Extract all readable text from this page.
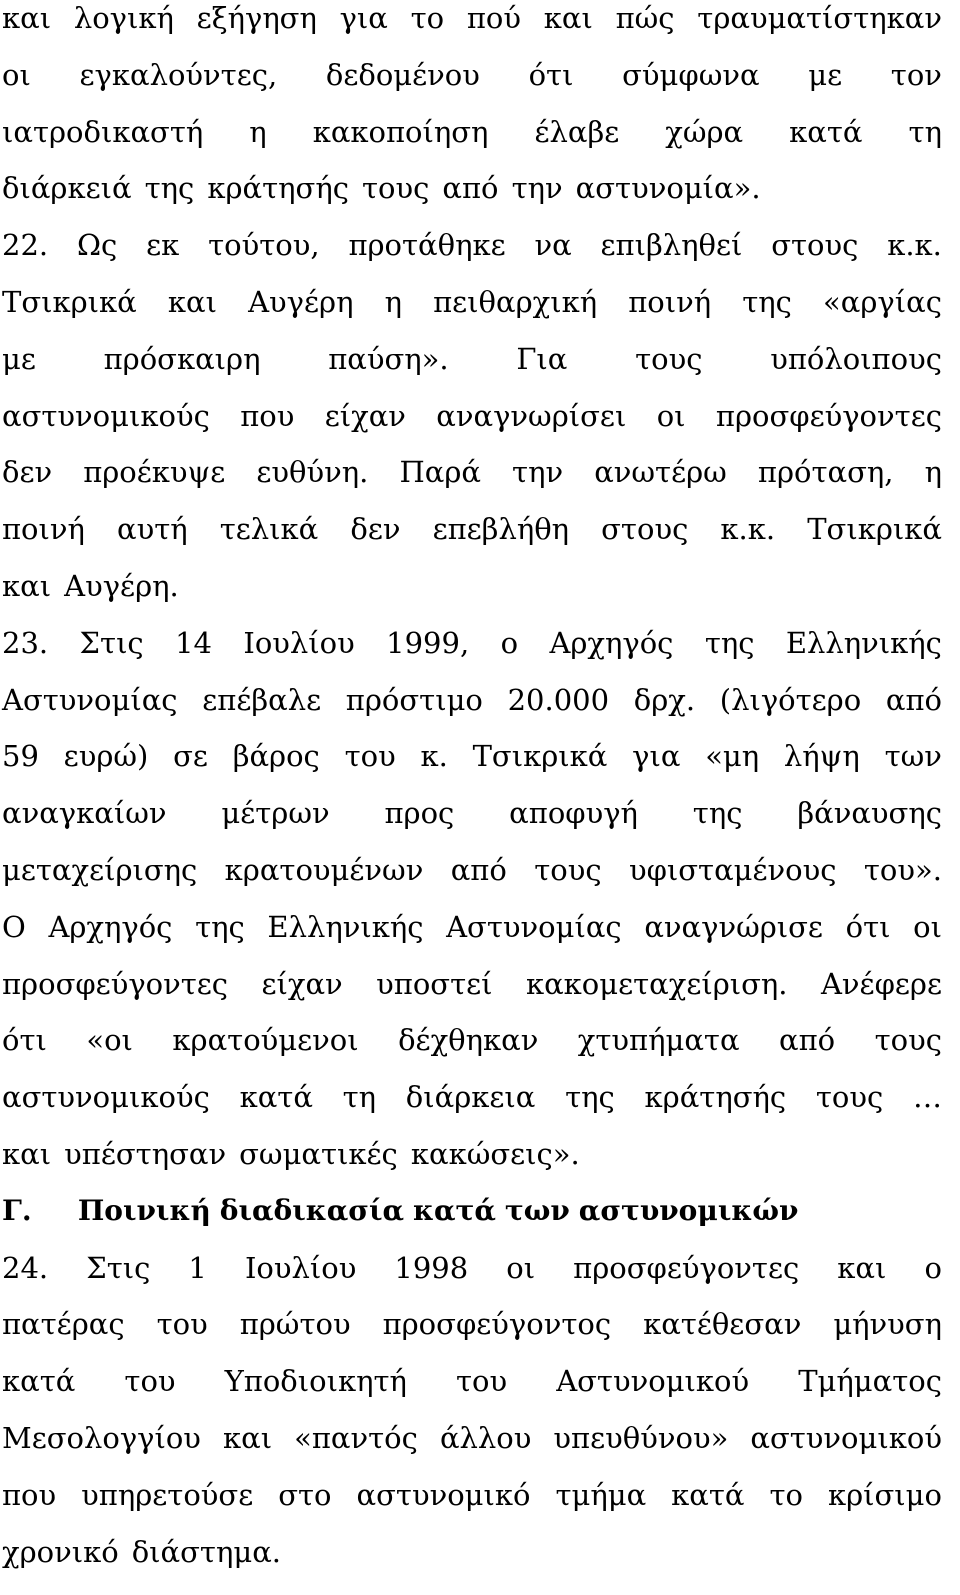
και λογική εξήγηση για το πού και πώς τραυματίστηκαν
οι εγκαλούντες, δεδομένου ότι σύμφωνα με τον
ιατροδικαστή η κακοποίηση έλαβε χώρα κατά τη
διάρκειά της κράτησής τους από την αστυνομία».
22. Ως εκ τούτου, προτάθηκε να επιβληθεί στους κ.κ.
Τσικρικά και Αυγέρη η πειθαρχική ποινή της «αργίας
με πρόσκαιρη παύση». Για τους υπόλοιπους
αστυνομικούς που είχαν αναγνωρίσει οι προσφεύγοντες
δεν προέκυψε ευθύνη. Παρά την ανωτέρω πρόταση, η
ποινή αυτή τελικά δεν επεβλήθη στους κ.κ. Τσικρικά
και Αυγέρη.
23. Στις 14 Ιουλίου 1999, ο Αρχηγός της Ελληνικής
Αστυνομίας επέβαλε πρόστιμο 20.000 δρχ. (λιγότερο από
59 ευρώ) σε βάρος του κ. Τσικρικά για «μη λήψη των
αναγκαίων μέτρων προς αποφυγή της βάναυσης
μεταχείρισης κρατουμένων από τους υφισταμένους του».
Ο Αρχηγός της Ελληνικής Αστυνομίας αναγνώρισε ότι οι
προσφεύγοντες είχαν υποστεί κακομεταχείριση. Ανέφερε
ότι «οι κρατούμενοι δέχθηκαν χτυπήματα από τους
αστυνομικούς κατά τη διάρκεια της κράτησής τους …
και υπέστησαν σωματικές κακώσεις».
Γ. Ποινική διαδικασία κατά των αστυνομικών
24. Στις 1 Ιουλίου 1998 οι προσφεύγοντες και ο
πατέρας του πρώτου προσφεύγοντος κατέθεσαν μήνυση
κατά του Υποδιοικητή του Αστυνομικού Τμήματος
Μεσολογγίου και «παντός άλλου υπευθύνου» αστυνομικού
που υπηρετούσε στο αστυνομικό τμήμα κατά το κρίσιμο
χρονικό διάστημα.
